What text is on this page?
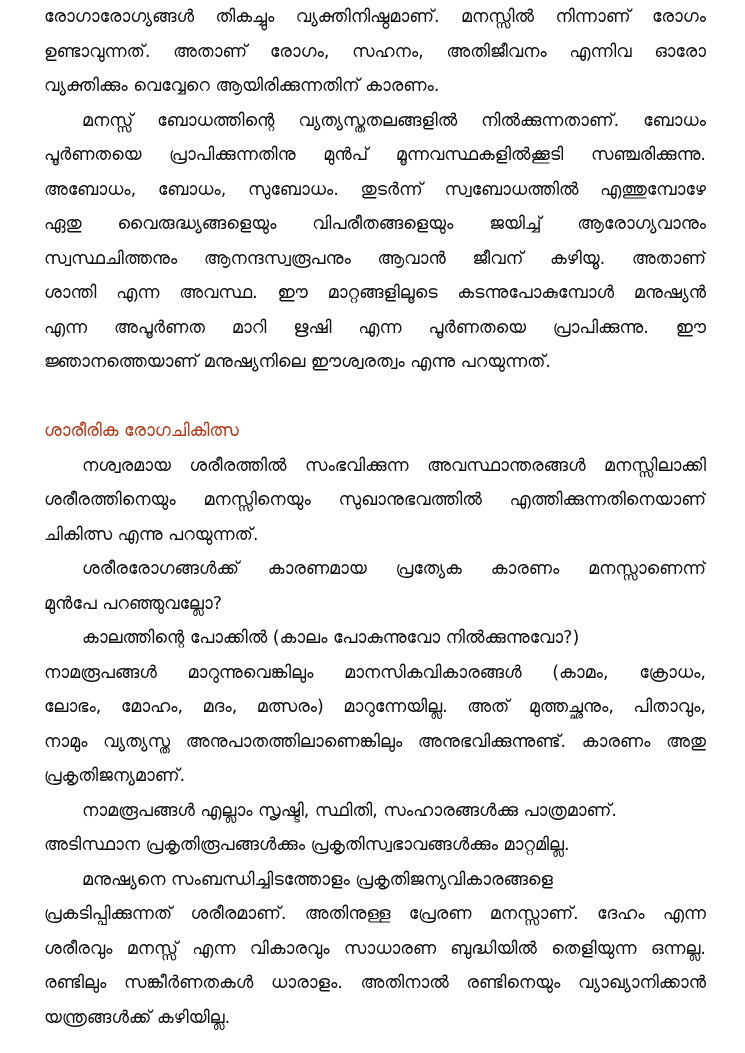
രോഗാരോഗ്യങ്ങൾ തികച്ചും വ്യക്തിനിഷ്ഠമാണ്. മനസ്സിൽ നിന്നാണ് രോഗം
ഉണ്ടാവുന്നത്. അതാണ് രോഗം, സഹനം, അതിജീവനം എന്നിവ ഓരോ
വ്യക്തിക്കും വെവ്വേറെ ആയിരിക്കുന്നതിന് കാരണം.
മനസ്സ് ബോധത്തിന്റെ വ്യത്യസ്തതലങ്ങളിൽ നിൽക്കുന്നതാണ്. ബോധം
പൂർണതയെ പ്രാപിക്കുന്നതിനു മുൻപ് മൂന്നവസ്ഥകളിൽക്കൂടി സഞ്ചരിക്കുന്നു.
അബോധം, ബോധം, സുബോധം. തുടർന്ന് സ്വബോധത്തിൽ എത്തുമ്പോഴേ
ഏതു വൈരുദ്ധ്യങ്ങളെയും വിപരീതങ്ങളെയും ജയിച്ച് ആരോഗ്യവാനും
സ്വസ്ഥചിത്തനും ആനന്ദസ്വരൂപനും ആവാൻ ജീവന് കഴിയൂ. അതാണ്
ശാന്തി എന്ന അവസ്ഥ. ഈ മാറ്റങ്ങളിലൂടെ കടന്നുപോകുമ്പോൾ മനുഷ്യൻ
എന്ന അപൂർണത മാറി ഋഷി എന്ന പൂർണതയെ പ്രാപിക്കുന്നു. ഈ
ജ്ഞാനത്തെയാണ് മനുഷ്യനിലെ ഈശ്വരത്വം എന്നു പറയുന്നത്.
ശാരീരിക രോഗചികിത്സ
നശ്വരമായ ശരീരത്തിൽ സംഭവിക്കുന്ന അവസ്ഥാന്തരങ്ങൾ മനസ്സിലാക്കി
ശരീരത്തിനെയും മനസ്സിനെയും സുഖാനുഭവത്തിൽ എത്തിക്കുന്നതിനെയാണ്
ചികിത്സ എന്നു പറയുന്നത്.
ശരീരരോഗങ്ങൾക്ക് കാരണമായ പ്രത്യേക കാരണം മനസ്സാണെന്ന്
മുൻപേ പറഞ്ഞുവല്ലോ?
കാലത്തിന്റെ പോക്കിൽ (കാലം പോകുന്നുവോ നിൽക്കുന്നുവോ?)
നാമരൂപങ്ങൾ മാറുന്നുവെങ്കിലും മാനസികവികാരങ്ങൾ (കാമം, ക്രോധം,
ലോഭം, മോഹം, മദം, മത്സരം) മാറുന്നേയില്ല. അത് മുത്തച്ഛനും, പിതാവും,
നാമും വ്യത്യസ്ത അനുപാതത്തിലാണെങ്കിലും അനുഭവിക്കുന്നുണ്ട്. കാരണം അതു
പ്രകൃതിജന്യമാണ്.
നാമരൂപങ്ങൾ എല്ലാം സൃഷ്ടി, സ്ഥിതി, സംഹാരങ്ങൾക്കു പാത്രമാണ്.
അടിസ്ഥാന പ്രകൃതിരൂപങ്ങൾക്കും പ്രകൃതിസ്വഭാവങ്ങൾക്കും മാറ്റമില്ല.
മനുഷ്യനെ സംബന്ധിച്ചിടത്തോളം പ്രകൃതിജന്യവികാരങ്ങളെ
പ്രകടിപ്പിക്കുന്നത് ശരീരമാണ്. അതിനുള്ള പ്രേരണ മനസ്സാണ്. ദേഹം എന്ന
ശരീരവും മനസ്സ് എന്ന വികാരവും സാധാരണ ബുദ്ധിയിൽ തെളിയുന്ന ഒന്നല്ല.
രണ്ടിലും സങ്കീർണതകൾ ധാരാളം. അതിനാൽ രണ്ടിനെയും വ്യാഖ്യാനിക്കാൻ
യന്ത്രങ്ങൾക്ക് കഴിയില്ല.
